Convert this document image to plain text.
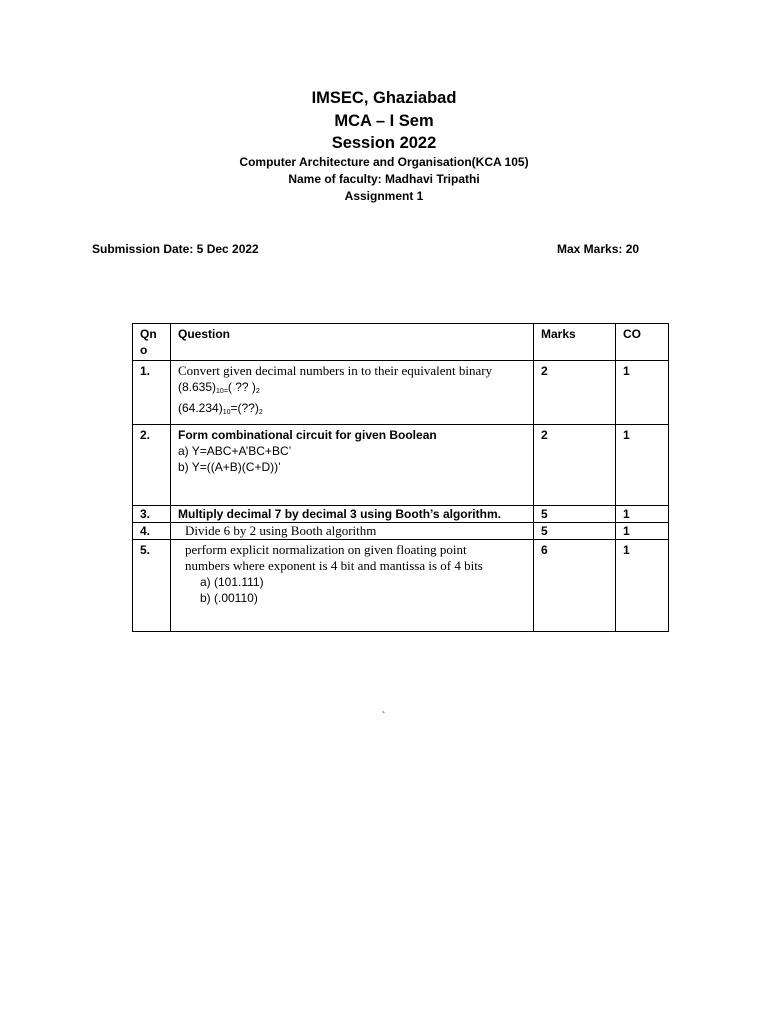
IMSEC, Ghaziabad
MCA – I Sem
Session 2022
Computer Architecture and Organisation(KCA 105)
Name of faculty: Madhavi Tripathi
Assignment 1
Submission Date: 5 Dec 2022	Max Marks: 20
Qn
o	Question	Marks	CO
1.	Convert given decimal numbers in to their equivalent binary
$(8.635)_{10=}$( ?? )$_2$
$(64.234)_{10}=(??)_2$	2	1
2.	Form combinational circuit for given Boolean
a) Y=ABC+A’BC+BC’
b) Y=((A+B)(C+D))’	2	1
3.	Multiply decimal 7 by decimal 3 using Booth’s algorithm.	5	1
4.	Divide 6 by 2 using Booth algorithm	5	1
5.	perform explicit normalization on given floating point
numbers where exponent is 4 bit and mantissa is of 4 bits
a) (101.111)
b) (.00110)	6	1
`
